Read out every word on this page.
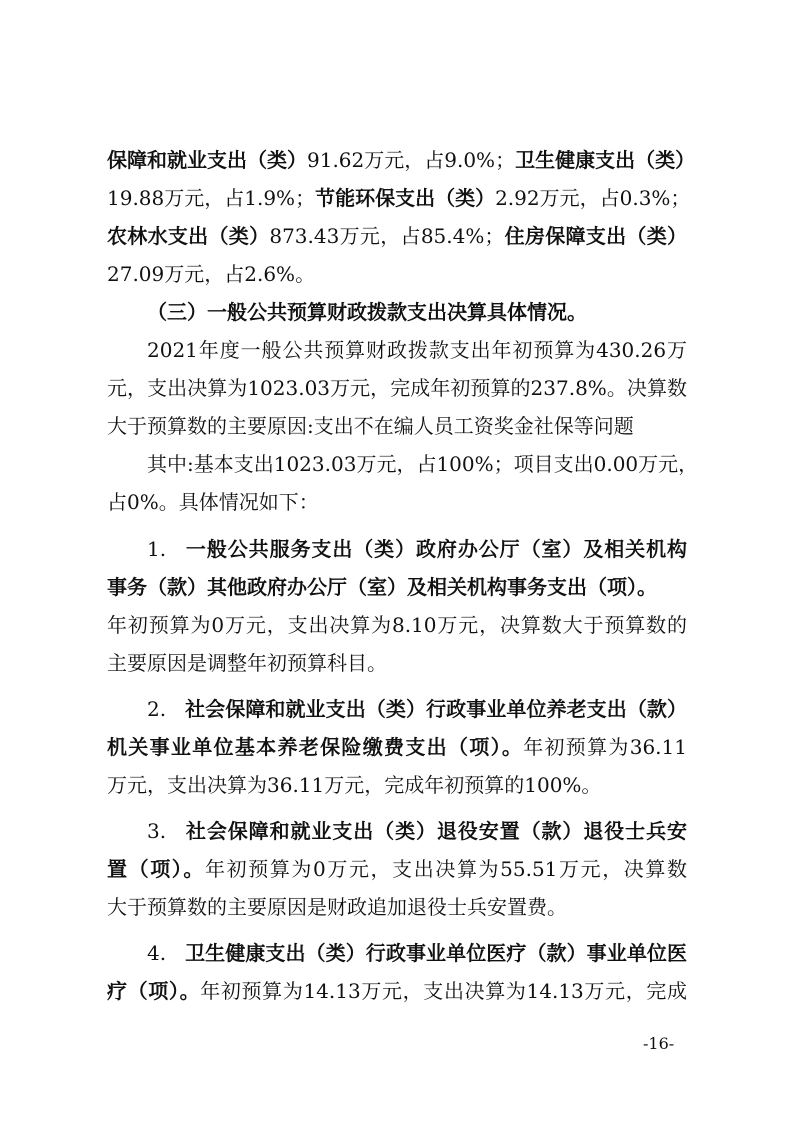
保障和就业支出（类）91.62万元，占9.0%；卫生健康支出（类）
19.88万元，占1.9%；节能环保支出（类）2.92万元，占0.3%；
农林水支出（类）873.43万元，占85.4%；住房保障支出（类）
27.09万元，占2.6%。
（三）一般公共预算财政拨款支出决算具体情况。
2021年度一般公共预算财政拨款支出年初预算为430.26万
元，支出决算为1023.03万元，完成年初预算的237.8%。决算数
大于预算数的主要原因:支出不在编人员工资奖金社保等问题
其中:基本支出1023.03万元，占100%；项目支出0.00万元，
占0%。具体情况如下：
1. 一般公共服务支出（类）政府办公厅（室）及相关机构
事务（款）其他政府办公厅（室）及相关机构事务支出（项）。
年初预算为0万元，支出决算为8.10万元，决算数大于预算数的
主要原因是调整年初预算科目。
2. 社会保障和就业支出（类）行政事业单位养老支出（款）
机关事业单位基本养老保险缴费支出（项）。年初预算为36.11
万元，支出决算为36.11万元，完成年初预算的100%。
3. 社会保障和就业支出（类）退役安置（款）退役士兵安
置（项）。年初预算为0万元，支出决算为55.51万元，决算数
大于预算数的主要原因是财政追加退役士兵安置费。
4. 卫生健康支出（类）行政事业单位医疗（款）事业单位医
疗（项）。年初预算为14.13万元，支出决算为14.13万元，完成
-16-
